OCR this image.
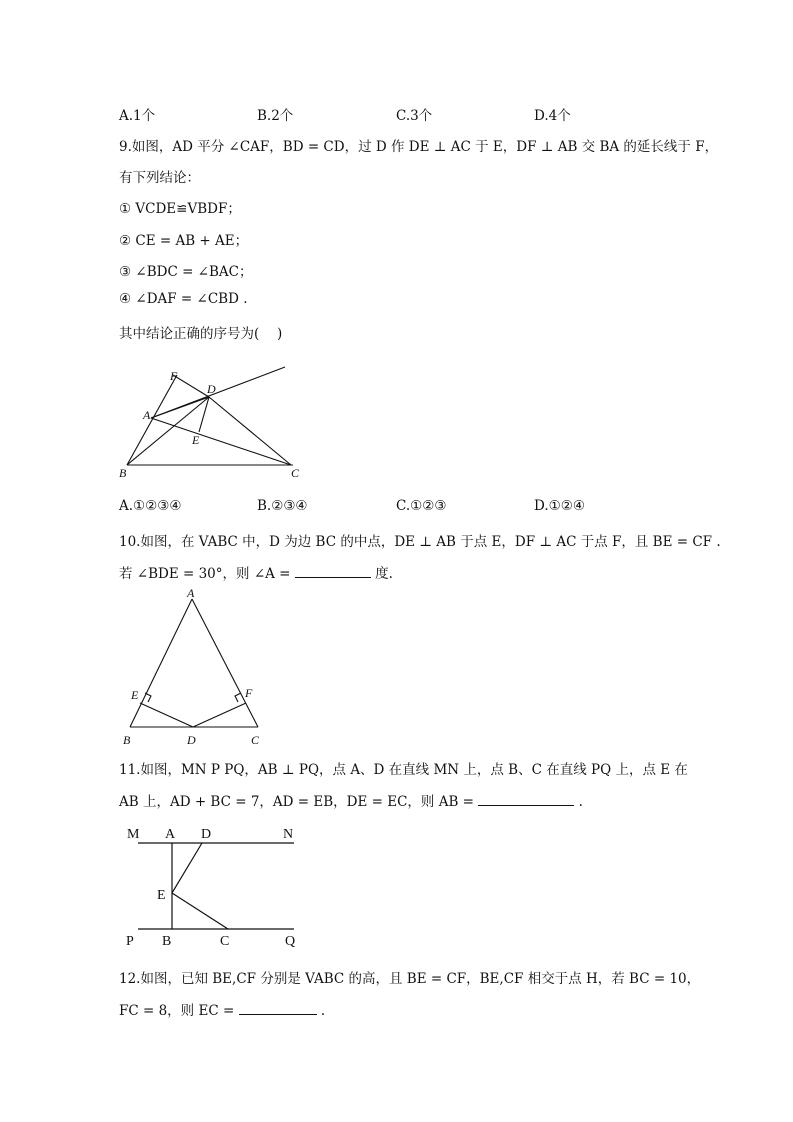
A.1个	B.2个	C.3个	D.4个
9.如图，AD 平分 ∠CAF，BD = CD，过 D 作 DE ⊥ AC 于 E，DF ⊥ AB 交 BA 的延长线于 F，
有下列结论：
① VCDE≌VBDF；
② CE = AB + AE；
③ ∠BDC = ∠BAC；
④ ∠DAF = ∠CBD .
其中结论正确的序号为(　 )
F
D
A
E
B	C
A.①②③④	B.②③④	C.①②③	D.①②④
10.如图，在 VABC 中，D 为边 BC 的中点，DE ⊥ AB 于点 E，DF ⊥ AC 于点 F，且 BE = CF .
若 ∠BDE = 30°，则 ∠A =	度.
A
E	F
B	D	C
11.如图，MN P PQ，AB ⊥ PQ，点 A、D 在直线 MN 上，点 B、C 在直线 PQ 上，点 E 在
AB 上，AD + BC = 7，AD = EB，DE = EC，则 AB =	.
M A D	N
E
P B	C	Q
12.如图，已知 BE,CF 分别是 VABC 的高，且 BE = CF，BE,CF 相交于点 H，若 BC = 10，
FC = 8，则 EC =	.
